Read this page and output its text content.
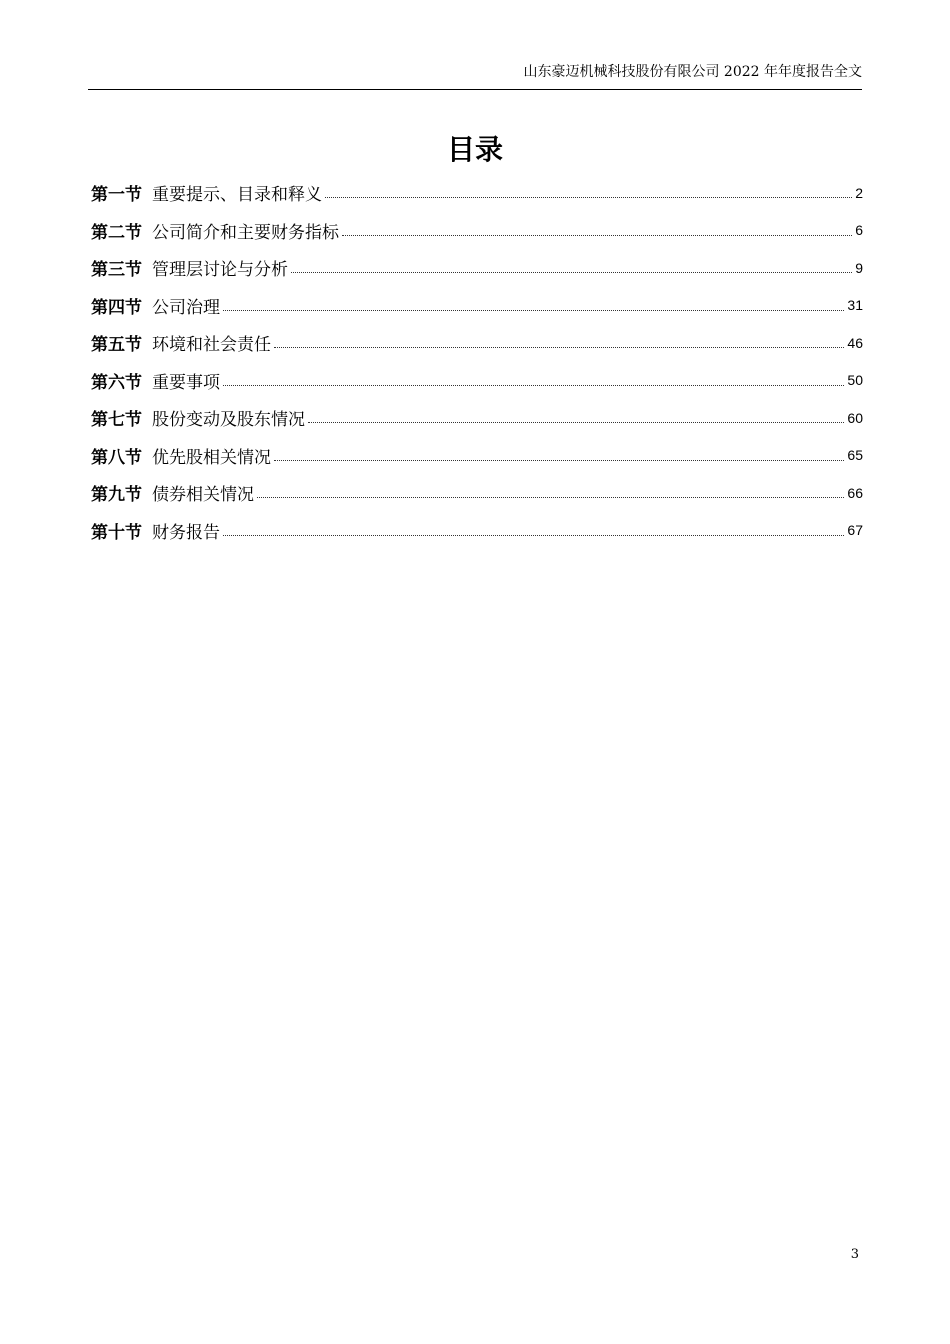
山东豪迈机械科技股份有限公司 2022 年年度报告全文
目录
第一节 重要提示、目录和释义	2
第二节 公司简介和主要财务指标	6
第三节 管理层讨论与分析	9
第四节 公司治理	31
第五节 环境和社会责任	46
第六节 重要事项	50
第七节 股份变动及股东情况	60
第八节 优先股相关情况	65
第九节 债券相关情况	66
第十节 财务报告	67
3
